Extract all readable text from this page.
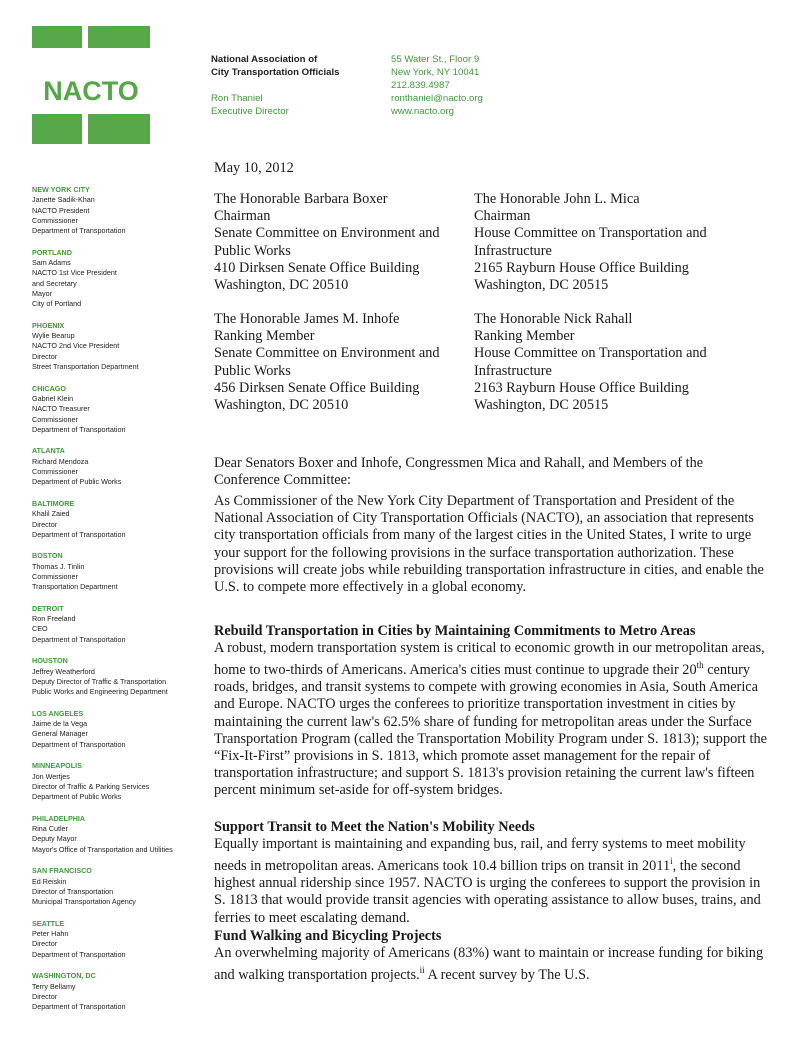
NACTO
National Association of
City Transportation Officials
Ron Thaniel
Executive Director
55 Water St., Floor 9
New York, NY 10041
212.839.4987
ronthaniel@nacto.org
www.nacto.org
NEW YORK CITY
Janette Sadik-Khan
NACTO President
Commissioner
Department of Transportation
PORTLAND
Sam Adams
NACTO 1st Vice President
and Secretary
Mayor
City of Portland
PHOENIX
Wylie Bearup
NACTO 2nd Vice President
Director
Street Transportation Department
CHICAGO
Gabriel Klein
NACTO Treasurer
Commissioner
Department of Transportation
ATLANTA
Richard Mendoza
Commissioner
Department of Public Works
BALTIMORE
Khalil Zaied
Director
Department of Transportation
BOSTON
Thomas J. Tinlin
Commissioner
Transportation Department
DETROIT
Ron Freeland
CEO
Department of Transportation
HOUSTON
Jeffrey Weatherford
Deputy Director of Traffic & Transportation
Public Works and Engineering Department
LOS ANGELES
Jaime de la Vega
General Manager
Department of Transportation
MINNEAPOLIS
Jon Wertjes
Director of Traffic & Parking Services
Department of Public Works
PHILADELPHIA
Rina Cutler
Deputy Mayor
Mayor's Office of Transportation and Utilities
SAN FRANCISCO
Ed Reiskin
Director of Transportation
Municipal Transportation Agency
SEATTLE
Peter Hahn
Director
Department of Transportation
WASHINGTON, DC
Terry Bellamy
Director
Department of Transportation
May 10, 2012
The Honorable Barbara Boxer
Chairman
Senate Committee on Environment and
Public Works
410 Dirksen Senate Office Building
Washington, DC 20510
The Honorable John L. Mica
Chairman
House Committee on Transportation and
Infrastructure
2165 Rayburn House Office Building
Washington, DC 20515
The Honorable James M. Inhofe
Ranking Member
Senate Committee on Environment and
Public Works
456 Dirksen Senate Office Building
Washington, DC 20510
The Honorable Nick Rahall
Ranking Member
House Committee on Transportation and
Infrastructure
2163 Rayburn House Office Building
Washington, DC 20515
Dear Senators Boxer and Inhofe, Congressmen Mica and Rahall, and Members of the Conference Committee:
As Commissioner of the New York City Department of Transportation and President of the National Association of City Transportation Officials (NACTO), an association that represents city transportation officials from many of the largest cities in the United States, I write to urge your support for the following provisions in the surface transportation authorization. These provisions will create jobs while rebuilding transportation infrastructure in cities, and enable the U.S. to compete more effectively in a global economy.
Rebuild Transportation in Cities by Maintaining Commitments to Metro Areas
A robust, modern transportation system is critical to economic growth in our metropolitan areas, home to two-thirds of Americans. America's cities must continue to upgrade their 20th century roads, bridges, and transit systems to compete with growing economies in Asia, South America and Europe. NACTO urges the conferees to prioritize transportation investment in cities by maintaining the current law's 62.5% share of funding for metropolitan areas under the Surface Transportation Program (called the Transportation Mobility Program under S. 1813); support the “Fix-It-First” provisions in S. 1813, which promote asset management for the repair of transportation infrastructure; and support S. 1813's provision retaining the current law's fifteen percent minimum set-aside for off-system bridges.
Support Transit to Meet the Nation's Mobility Needs
Equally important is maintaining and expanding bus, rail, and ferry systems to meet mobility needs in metropolitan areas. Americans took 10.4 billion trips on transit in 2011$^i$, the second highest annual ridership since 1957. NACTO is urging the conferees to support the provision in S. 1813 that would provide transit agencies with operating assistance to allow buses, trains, and ferries to meet escalating demand.
Fund Walking and Bicycling Projects
An overwhelming majority of Americans (83%) want to maintain or increase funding for biking and walking transportation projects.$^{ii}$ A recent survey by The U.S.
